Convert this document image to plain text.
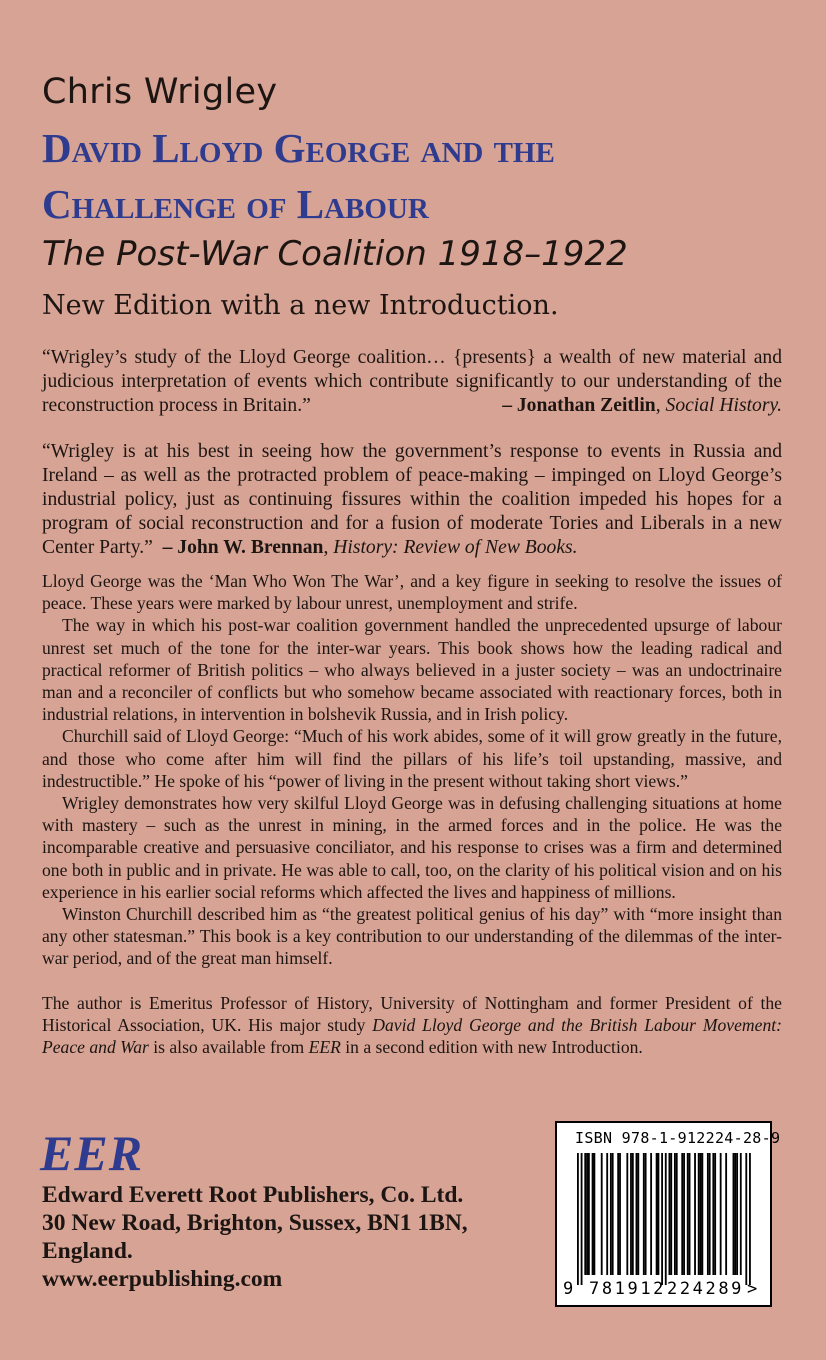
Chris Wrigley
David Lloyd George and the
Challenge of Labour
The Post-War Coalition 1918–1922
New Edition with a new Introduction.
“Wrigley’s study of the Lloyd George coalition… {presents} a wealth of new material and judicious interpretation of events which contribute significantly to our understanding of the reconstruction process in Britain.”	– Jonathan Zeitlin, Social History.
“Wrigley is at his best in seeing how the government’s response to events in Russia and Ireland – as well as the protracted problem of peace-making – impinged on Lloyd George’s industrial policy, just as continuing fissures within the coalition impeded his hopes for a program of social reconstruction and for a fusion of moderate Tories and Liberals in a new Center Party.” – John W. Brennan, History: Review of New Books.

Lloyd George was the ‘Man Who Won The War’, and a key figure in seeking to resolve the issues of peace. These years were marked by labour unrest, unemployment and strife.

The way in which his post-war coalition government handled the unprecedented upsurge of labour unrest set much of the tone for the inter-war years. This book shows how the leading radical and practical reformer of British politics – who always believed in a juster society – was an undoctrinaire man and a reconciler of conflicts but who somehow became associated with reactionary forces, both in industrial relations, in intervention in bolshevik Russia, and in Irish policy.

Churchill said of Lloyd George: “Much of his work abides, some of it will grow greatly in the future, and those who come after him will find the pillars of his life’s toil upstanding, massive, and indestructible.” He spoke of his “power of living in the present without taking short views.”

Wrigley demonstrates how very skilful Lloyd George was in defusing challenging situations at home with mastery – such as the unrest in mining, in the armed forces and in the police. He was the incomparable creative and persuasive conciliator, and his response to crises was a firm and determined one both in public and in private. He was able to call, too, on the clarity of his political vision and on his experience in his earlier social reforms which affected the lives and happiness of millions.

Winston Churchill described him as “the greatest political genius of his day” with “more insight than any other statesman.” This book is a key contribution to our understanding of the dilemmas of the inter-war period, and of the great man himself.

The author is Emeritus Professor of History, University of Nottingham and former President of the Historical Association, UK. His major study David Lloyd George and the British Labour Movement: Peace and War is also available from EER in a second edition with new Introduction.

EER
Edward Everett Root Publishers, Co. Ltd.
30 New Road, Brighton, Sussex, BN1 1BN,
England.
www.eerpublishing.com
ISBN 978-1-912224-28-9
9 781912 224289 >
